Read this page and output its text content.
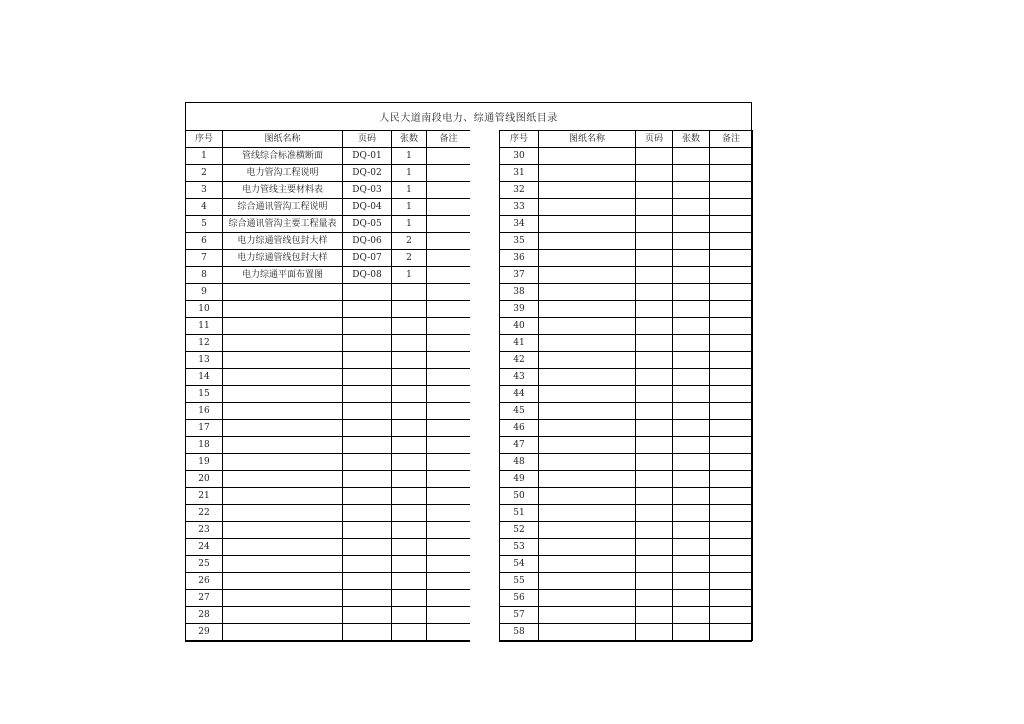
人民大道南段电力、综通管线图纸目录
序号	图纸名称	页码	张数	备注
1	管线综合标准横断面	DQ-01	1	
2	电力管沟工程说明	DQ-02	1	
3	电力管线主要材料表	DQ-03	1	
4	综合通讯管沟工程说明	DQ-04	1	
5	综合通讯管沟主要工程量表	DQ-05	1	
6	电力综通管线包封大样	DQ-06	2	
7	电力综通管线包封大样	DQ-07	2	
8	电力综通平面布置图	DQ-08	1	
9				
10				
11				
12				
13				
14				
15				
16				
17				
18				
19				
20				
21				
22				
23				
24				
25				
26				
27				
28				
29				
序号	图纸名称	页码	张数	备注
30				
31				
32				
33				
34				
35				
36				
37				
38				
39				
40				
41				
42				
43				
44				
45				
46				
47				
48				
49				
50				
51				
52				
53				
54				
55				
56				
57				
58				
